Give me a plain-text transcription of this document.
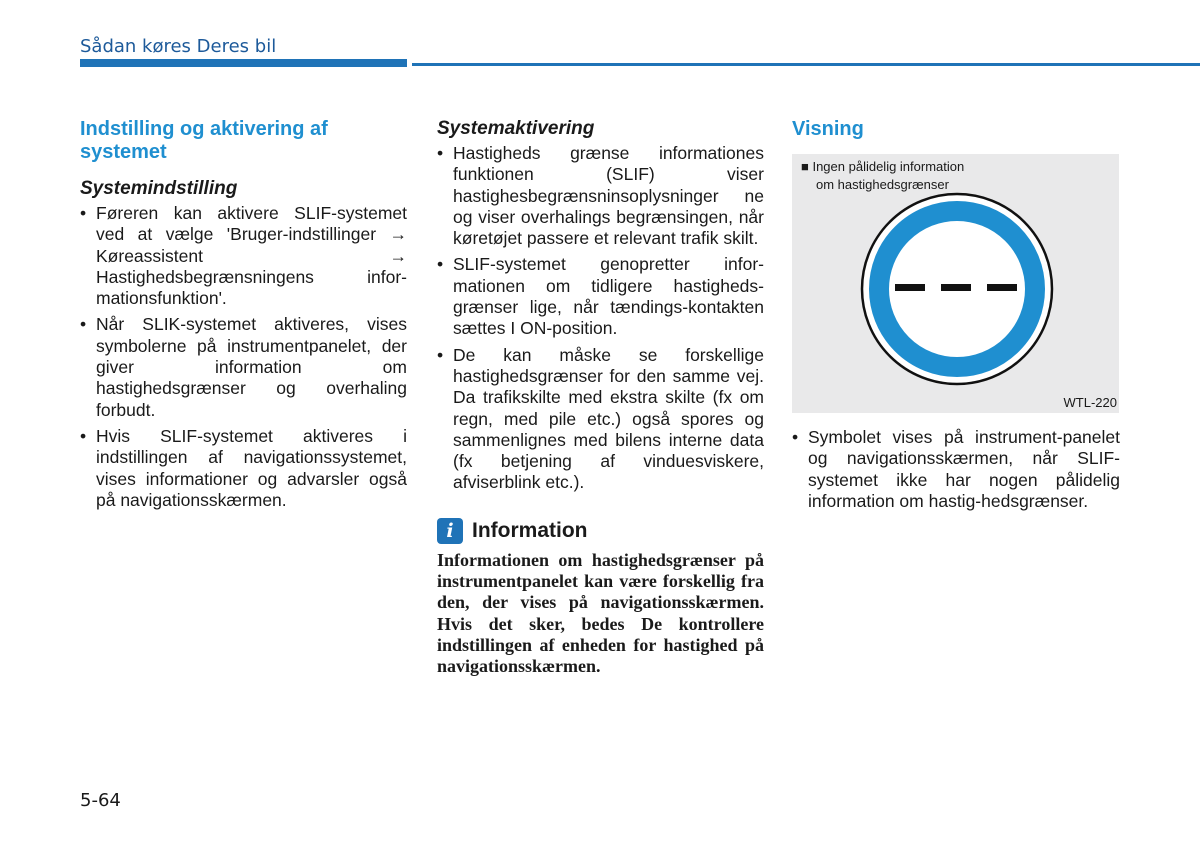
Sådan køres Deres bil
Indstilling og aktivering af systemet
Systemindstilling
• Føreren kan aktivere SLIF-systemet ved at vælge 'Bruger-indstillinger → Køreassistent → Hastighedsbegrænsningens infor-mationsfunktion'.
• Når SLIK-systemet aktiveres, vises symbolerne på instrumentpanelet, der giver information om hastighedsgrænser og overhaling forbudt.
• Hvis SLIF-systemet aktiveres i indstillingen af navigationssystemet, vises informationer og advarsler også på navigationsskærmen.
Systemaktivering
• Hastigheds grænse informationes funktionen (SLIF) viser hastighesbegrænsninsoplysninger ne og viser overhalings begrænsingen, når køretøjet passere et relevant trafik skilt.
• SLIF-systemet genopretter infor-mationen om tidligere hastigheds-grænser lige, når tændings-kontakten sættes I ON-position.
• De kan måske se forskellige hastighedsgrænser for den samme vej. Da trafikskilte med ekstra skilte (fx om regn, med pile etc.) også spores og sammenlignes med bilens interne data (fx betjening af vinduesviskere, afviserblink etc.).
i Information
Informationen om hastighedsgrænser på instrumentpanelet kan være forskellig fra den, der vises på navigationsskærmen. Hvis det sker, bedes De kontrollere indstillingen af enheden for hastighed på navigationsskærmen.
Visning
■ Ingen pålidelig information
om hastighedsgrænser
WTL-220
• Symbolet vises på instrument-panelet og navigationsskærmen, når SLIF-systemet ikke har nogen pålidelig information om hastig-hedsgrænser.
5-64
